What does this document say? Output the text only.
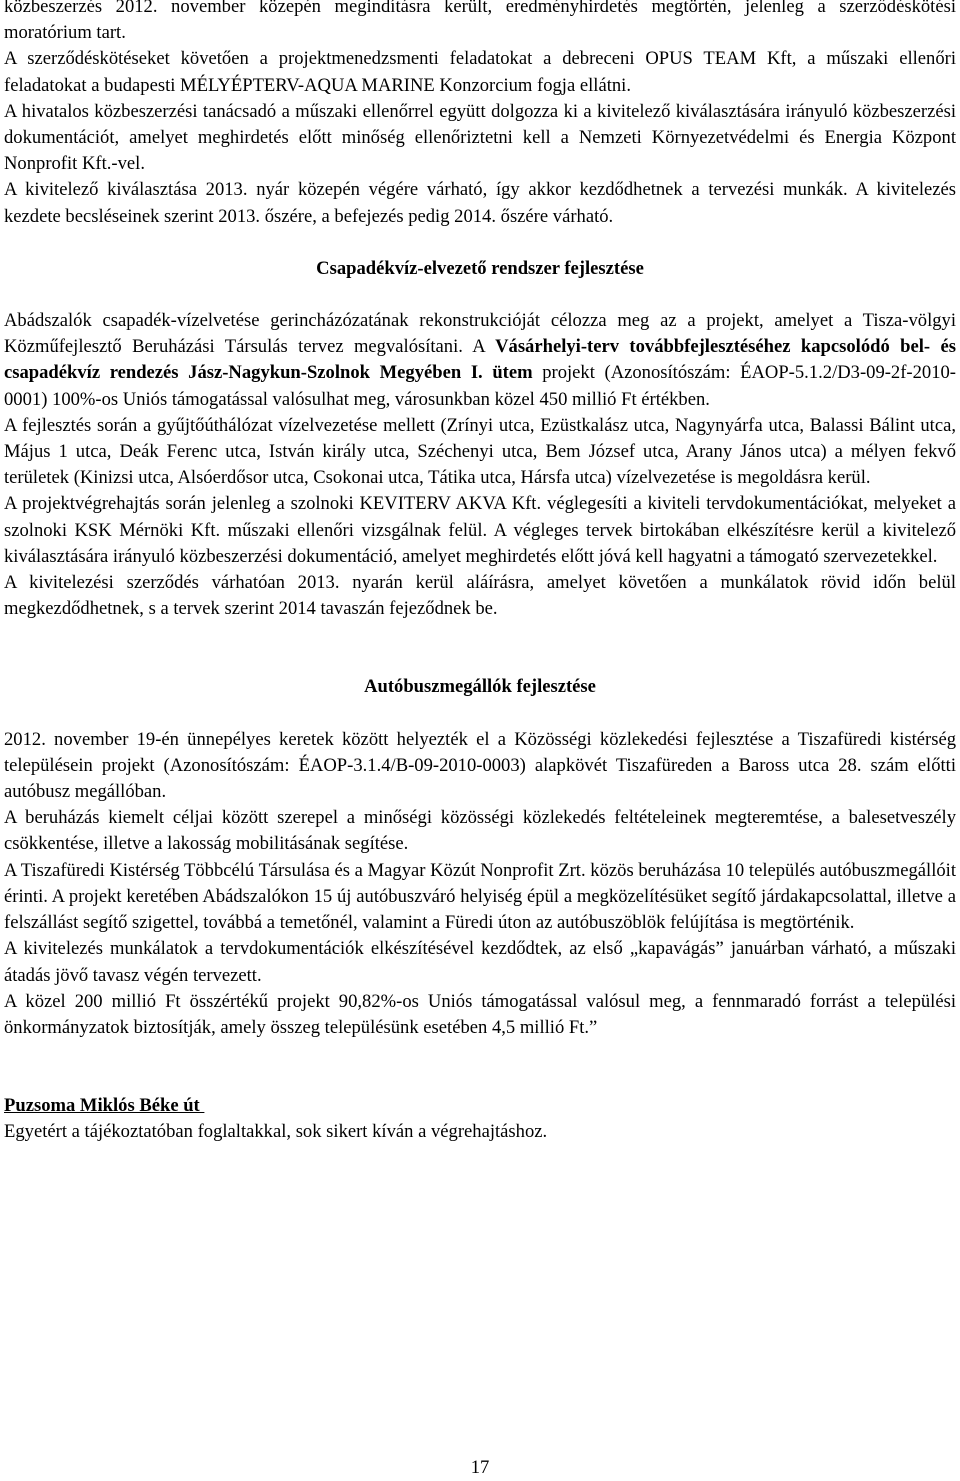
közbeszerzés 2012. november közepén megindításra került, eredményhirdetés megtörtén, jelenleg a szerződéskötési moratórium tart.

A szerződéskötéseket követően a projektmenedzsmenti feladatokat a debreceni OPUS TEAM Kft, a műszaki ellenőri feladatokat a budapesti MÉLYÉPTERV-AQUA MARINE Konzorcium fogja ellátni.

A hivatalos közbeszerzési tanácsadó a műszaki ellenőrrel együtt dolgozza ki a kivitelező kiválasztására irányuló közbeszerzési dokumentációt, amelyet meghirdetés előtt minőség ellenőriztetni kell a Nemzeti Környezetvédelmi és Energia Központ Nonprofit Kft.-vel.

A kivitelező kiválasztása 2013. nyár közepén végére várható, így akkor kezdődhetnek a tervezési munkák. A kivitelezés kezdete becsléseinek szerint 2013. őszére, a befejezés pedig 2014. őszére várható.

Csapadékvíz-elvezető rendszer fejlesztése

Abádszalók csapadék-vízelvetése gerincházózatának rekonstrukcióját célozza meg az a projekt, amelyet a Tisza-völgyi Közműfejlesztő Beruházási Társulás tervez megvalósítani. A Vásárhelyi-terv továbbfejlesztéséhez kapcsolódó bel- és csapadékvíz rendezés Jász-Nagykun-Szolnok Megyében I. ütem projekt (Azonosítószám: ÉAOP-5.1.2/D3-09-2f-2010-0001) 100%-os Uniós támogatással valósulhat meg, városunkban közel 450 millió Ft értékben.

A fejlesztés során a gyűjtőúthálózat vízelvezetése mellett (Zrínyi utca, Ezüstkalász utca, Nagynyárfa utca, Balassi Bálint utca, Május 1 utca, Deák Ferenc utca, István király utca, Széchenyi utca, Bem József utca, Arany János utca) a mélyen fekvő területek (Kinizsi utca, Alsóerdősor utca, Csokonai utca, Tátika utca, Hársfa utca) vízelvezetése is megoldásra kerül.

A projektvégrehajtás során jelenleg a szolnoki KEVITERV AKVA Kft. véglegesíti a kiviteli tervdokumentációkat, melyeket a szolnoki KSK Mérnöki Kft. műszaki ellenőri vizsgálnak felül. A végleges tervek birtokában elkészítésre kerül a kivitelező kiválasztására irányuló közbeszerzési dokumentáció, amelyet meghirdetés előtt jóvá kell hagyatni a támogató szervezetekkel.

A kivitelezési szerződés várhatóan 2013. nyarán kerül aláírásra, amelyet követően a munkálatok rövid időn belül megkezdődhetnek, s a tervek szerint 2014 tavaszán fejeződnek be.

Autóbuszmegállók fejlesztése

2012. november 19-én ünnepélyes keretek között helyezték el a Közösségi közlekedési fejlesztése a Tiszafüredi kistérség településein projekt (Azonosítószám: ÉAOP-3.1.4/B-09-2010-0003) alapkövét Tiszafüreden a Baross utca 28. szám előtti autóbusz megállóban.

A beruházás kiemelt céljai között szerepel a minőségi közösségi közlekedés feltételeinek megteremtése, a balesetveszély csökkentése, illetve a lakosság mobilitásának segítése.

A Tiszafüredi Kistérség Többcélú Társulása és a Magyar Közút Nonprofit Zrt. közös beruházása 10 település autóbuszmegállóit érinti. A projekt keretében Abádszalókon 15 új autóbuszváró helyiség épül a megközelítésüket segítő járdakapcsolattal, illetve a felszállást segítő szigettel, továbbá a temetőnél, valamint a Füredi úton az autóbuszöblök felújítása is megtörténik.

A kivitelezés munkálatok a tervdokumentációk elkészítésével kezdődtek, az első „kapavágás” januárban várható, a műszaki átadás jövő tavasz végén tervezett.

A közel 200 millió Ft összértékű projekt 90,82%-os Uniós támogatással valósul meg, a fennmaradó forrást a települési önkormányzatok biztosítják, amely összeg településünk esetében 4,5 millió Ft.”

Puzsoma Miklós Béke út

Egyetért a tájékoztatóban foglaltakkal, sok sikert kíván a végrehajtáshoz.

17
